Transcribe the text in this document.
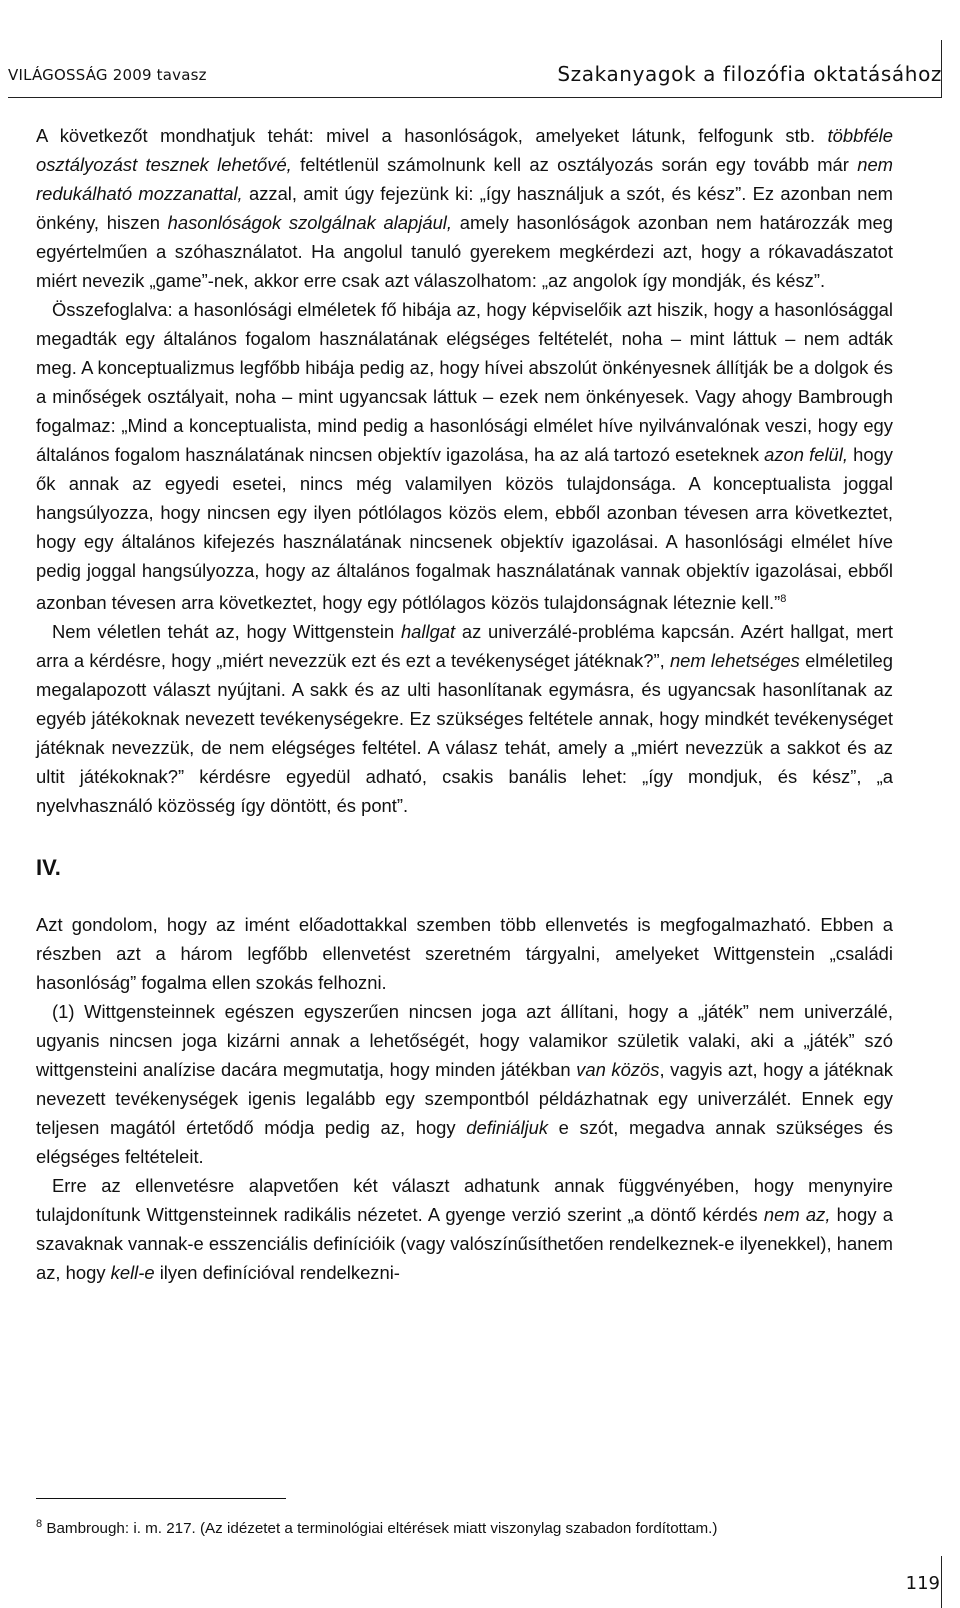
VILÁGOSSÁG 2009 tavasz	Szakanyagok a filozófia oktatásához

A következőt mondhatjuk tehát: mivel a hasonlóságok, amelyeket látunk, felfogunk stb. többféle osztályozást tesznek lehetővé, feltétlenül számolnunk kell az osztályozás során egy tovább már nem redukálható mozzanattal, azzal, amit úgy fejezünk ki: „így használjuk a szót, és kész”. Ez azonban nem önkény, hiszen hasonlóságok szolgálnak alapjául, amely hasonlóságok azonban nem határozzák meg egyértelműen a szóhasználatot. Ha angolul tanuló gyerekem megkérdezi azt, hogy a rókavadászatot miért nevezik „game”-nek, akkor erre csak azt válaszolhatom: „az angolok így mondják, és kész”.

Összefoglalva: a hasonlósági elméletek fő hibája az, hogy képviselőik azt hiszik, hogy a hasonlósággal megadták egy általános fogalom használatának elégséges feltételét, noha – mint láttuk – nem adták meg. A konceptualizmus legfőbb hibája pedig az, hogy hívei abszolút önkényesnek állítják be a dolgok és a minőségek osztályait, noha – mint ugyancsak láttuk – ezek nem önkényesek. Vagy ahogy Bambrough fogalmaz: „Mind a konceptualista, mind pedig a hasonlósági elmélet híve nyilvánvalónak veszi, hogy egy általános fogalom használatának nincsen objektív igazolása, ha az alá tartozó eseteknek azon felül, hogy ők annak az egyedi esetei, nincs még valamilyen közös tulajdonsága. A konceptualista joggal hangsúlyozza, hogy nincsen egy ilyen pótlólagos közös elem, ebből azonban tévesen arra következtet, hogy egy általános kifejezés használatának nincsenek objektív igazolásai. A hasonlósági elmélet híve pedig joggal hangsúlyozza, hogy az általános fogalmak használatának vannak objektív igazolásai, ebből azonban tévesen arra következtet, hogy egy pótlólagos közös tulajdonságnak léteznie kell.”$^8$

Nem véletlen tehát az, hogy Wittgenstein hallgat az univerzálé-probléma kapcsán. Azért hallgat, mert arra a kérdésre, hogy „miért nevezzük ezt és ezt a tevékenységet játéknak?”, nem lehetséges elméletileg megalapozott választ nyújtani. A sakk és az ulti hasonlítanak egymásra, és ugyancsak hasonlítanak az egyéb játékoknak nevezett tevékenységekre. Ez szükséges feltétele annak, hogy mindkét tevékenységet játéknak nevezzük, de nem elégséges feltétel. A válasz tehát, amely a „miért nevezzük a sakkot és az ultit játékoknak?” kérdésre egyedül adható, csakis banális lehet: „így mondjuk, és kész”, „a nyelvhasználó közösség így döntött, és pont”.

IV.

Azt gondolom, hogy az imént előadottakkal szemben több ellenvetés is megfogalmazható. Ebben a részben azt a három legfőbb ellenvetést szeretném tárgyalni, amelyeket Wittgenstein „családi hasonlóság” fogalma ellen szokás felhozni.

(1) Wittgensteinnek egészen egyszerűen nincsen joga azt állítani, hogy a „játék” nem univerzálé, ugyanis nincsen joga kizárni annak a lehetőségét, hogy valamikor születik valaki, aki a „játék” szó wittgensteini analízise dacára megmutatja, hogy minden játékban van közös, vagyis azt, hogy a játéknak nevezett tevékenységek igenis legalább egy szempontból példázhatnak egy univerzálét. Ennek egy teljesen magától értetődő módja pedig az, hogy definiáljuk e szót, megadva annak szükséges és elégséges feltételeit.

Erre az ellenvetésre alapvetően két választ adhatunk annak függvényében, hogy menynyire tulajdonítunk Wittgensteinnek radikális nézetet. A gyenge verzió szerint „a döntő kérdés nem az, hogy a szavaknak vannak-e esszenciális definícióik (vagy valószínűsíthetően rendelkeznek-e ilyenekkel), hanem az, hogy kell-e ilyen definícióval rendelkezni-

$^8$ Bambrough: i. m. 217. (Az idézetet a terminológiai eltérések miatt viszonylag szabadon fordítottam.)
119
